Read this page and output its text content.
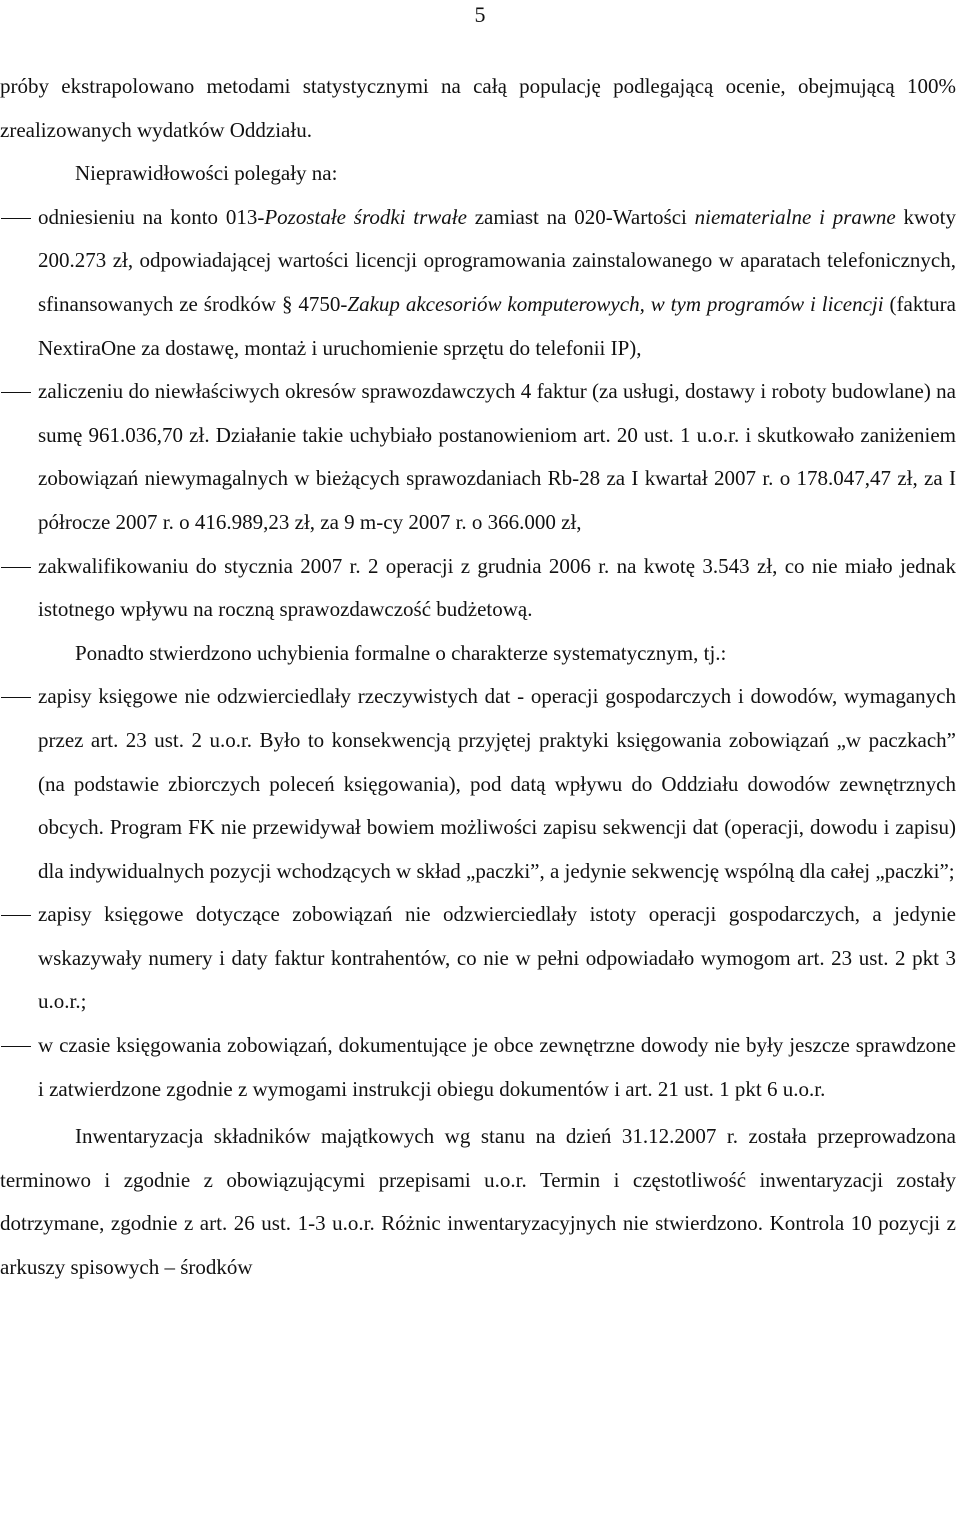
5

próby ekstrapolowano metodami statystycznymi na całą populację podlegającą ocenie, obejmującą 100% zrealizowanych wydatków Oddziału.

Nieprawidłowości polegały na:

odniesieniu na konto 013-Pozostałe środki trwałe zamiast na 020-Wartości niematerialne i prawne kwoty 200.273 zł, odpowiadającej wartości licencji oprogramowania zainstalowanego w aparatach telefonicznych, sfinansowanych ze środków § 4750-Zakup akcesoriów komputerowych, w tym programów i licencji (faktura NextiraOne za dostawę, montaż i uruchomienie sprzętu do telefonii IP),
zaliczeniu do niewłaściwych okresów sprawozdawczych 4 faktur (za usługi, dostawy i roboty budowlane) na sumę 961.036,70 zł. Działanie takie uchybiało postanowieniom art. 20 ust. 1 u.o.r. i skutkowało zaniżeniem zobowiązań niewymagalnych w bieżących sprawozdaniach Rb-28 za I kwartał 2007 r. o 178.047,47 zł, za I półrocze 2007 r. o 416.989,23 zł, za 9 m-cy 2007 r. o 366.000 zł,
zakwalifikowaniu do stycznia 2007 r. 2 operacji z grudnia 2006 r. na kwotę 3.543 zł, co nie miało jednak istotnego wpływu na roczną sprawozdawczość budżetową.

Ponadto stwierdzono uchybienia formalne o charakterze systematycznym, tj.:

zapisy księgowe nie odzwierciedlały rzeczywistych dat - operacji gospodarczych i dowodów, wymaganych przez art. 23 ust. 2 u.o.r. Było to konsekwencją przyjętej praktyki księgowania zobowiązań „w paczkach” (na podstawie zbiorczych poleceń księgowania), pod datą wpływu do Oddziału dowodów zewnętrznych obcych. Program FK nie przewidywał bowiem możliwości zapisu sekwencji dat (operacji, dowodu i zapisu) dla indywidualnych pozycji wchodzących w skład „paczki”, a jedynie sekwencję wspólną dla całej „paczki”;
zapisy księgowe dotyczące zobowiązań nie odzwierciedlały istoty operacji gospodarczych, a jedynie wskazywały numery i daty faktur kontrahentów, co nie w pełni odpowiadało wymogom art. 23 ust. 2 pkt 3 u.o.r.;
w czasie księgowania zobowiązań, dokumentujące je obce zewnętrzne dowody nie były jeszcze sprawdzone i zatwierdzone zgodnie z wymogami instrukcji obiegu dokumentów i art. 21 ust. 1 pkt 6 u.o.r.

Inwentaryzacja składników majątkowych wg stanu na dzień 31.12.2007 r. została przeprowadzona terminowo i zgodnie z obowiązującymi przepisami u.o.r. Termin i częstotliwość inwentaryzacji zostały dotrzymane, zgodnie z art. 26 ust. 1-3 u.o.r. Różnic inwentaryzacyjnych nie stwierdzono. Kontrola 10 pozycji z arkuszy spisowych – środków
